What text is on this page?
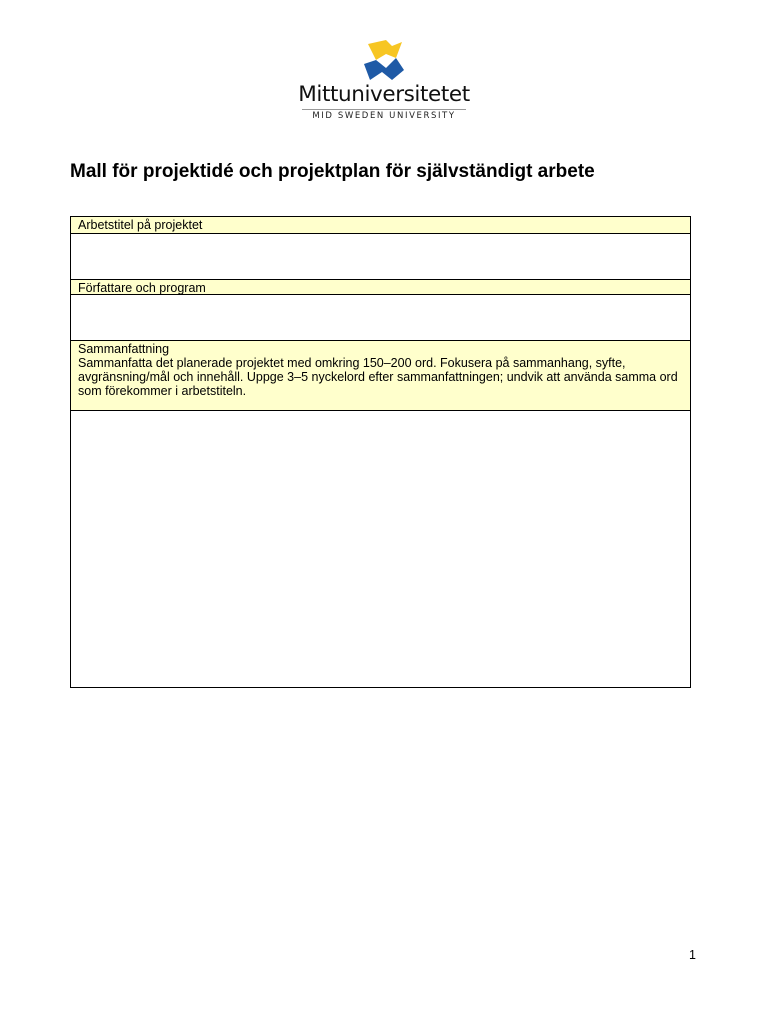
Mittuniversitetet
MID SWEDEN UNIVERSITY
Mall för projektidé och projektplan för självständigt arbete
Arbetstitel på projektet
Författare och program

Sammanfattning

Sammanfatta det planerade projektet med omkring 150–200 ord. Fokusera på sammanhang, syfte, avgränsning/mål och innehåll. Uppge 3–5 nyckelord efter sammanfattningen; undvik att använda samma ord som förekommer i arbetstiteln.

1
